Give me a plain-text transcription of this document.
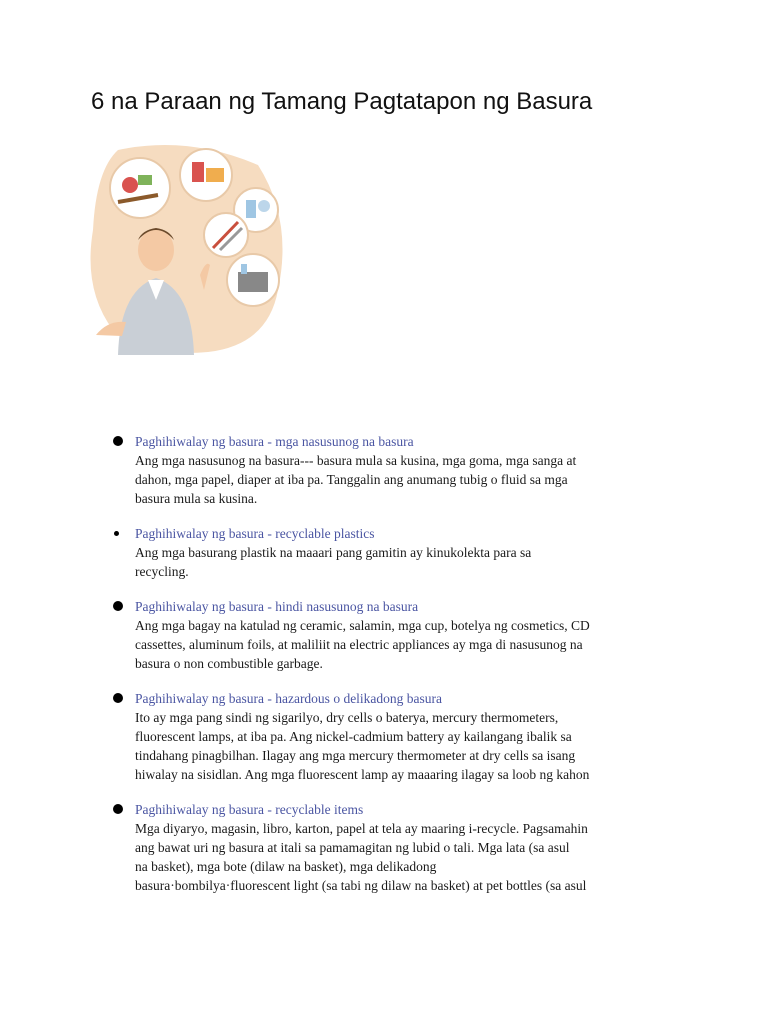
6 na Paraan ng Tamang Pagtatapon ng Basura
Paghihiwalay ng basura - mga nasusunog na basura
Ang mga nasusunog na basura--- basura mula sa kusina, mga goma, mga sanga at
dahon, mga papel, diaper at iba pa. Tanggalin ang anumang tubig o fluid sa mga
basura mula sa kusina.
Paghihiwalay ng basura - recyclable plastics
Ang mga basurang plastik na maaari pang gamitin ay kinukolekta para sa
recycling.
Paghihiwalay ng basura - hindi nasusunog na basura
Ang mga bagay na katulad ng ceramic, salamin, mga cup, botelya ng cosmetics, CD
cassettes, aluminum foils, at maliliit na electric appliances ay mga di nasusunog na
basura o non combustible garbage.
Paghihiwalay ng basura - hazardous o delikadong basura
Ito ay mga pang sindi ng sigarilyo, dry cells o baterya, mercury thermometers,
fluorescent lamps, at iba pa. Ang nickel-cadmium battery ay kailangang ibalik sa
tindahang pinagbilhan. Ilagay ang mga mercury thermometer at dry cells sa isang
hiwalay na sisidlan. Ang mga fluorescent lamp ay maaaring ilagay sa loob ng kahon
Paghihiwalay ng basura - recyclable items
Mga diyaryo, magasin, libro, karton, papel at tela ay maaring i-recycle. Pagsamahin
ang bawat uri ng basura at itali sa pamamagitan ng lubid o tali. Mga lata (sa asul
na basket), mga bote (dilaw na basket), mga delikadong
basura·bombilya·fluorescent light (sa tabi ng dilaw na basket) at pet bottles (sa asul
